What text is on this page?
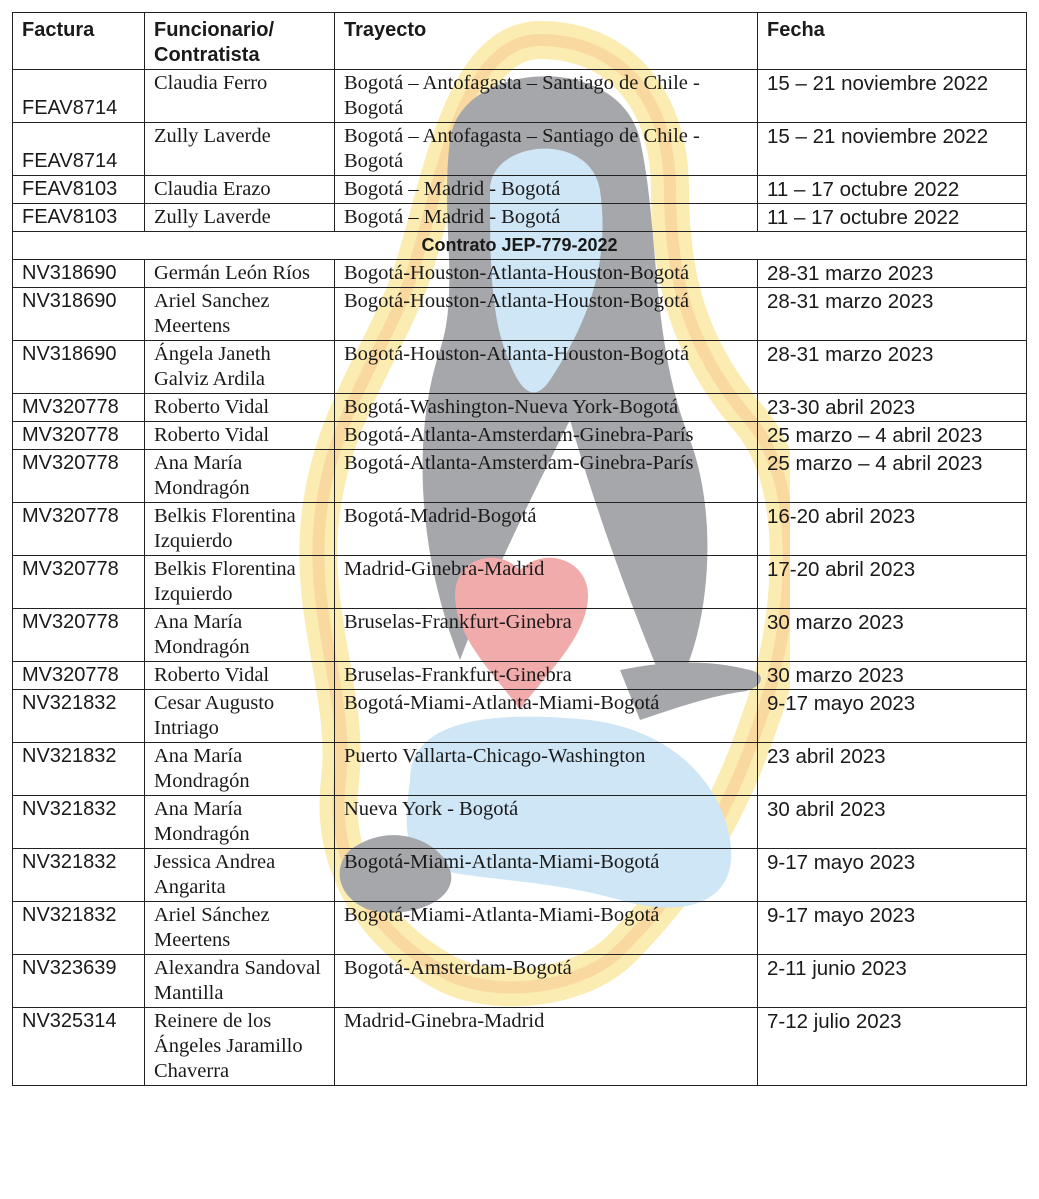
Factura	Funcionario/ Contratista	Trayecto	Fecha
FEAV8714	Claudia Ferro	Bogotá – Antofagasta – Santiago de Chile - Bogotá	15 – 21 noviembre 2022
FEAV8714	Zully Laverde	Bogotá – Antofagasta – Santiago de Chile - Bogotá	15 – 21 noviembre 2022
FEAV8103	Claudia Erazo	Bogotá – Madrid - Bogotá	11 – 17 octubre 2022
FEAV8103	Zully Laverde	Bogotá – Madrid - Bogotá	11 – 17 octubre 2022
Contrato JEP-779-2022			
NV318690	Germán León Ríos	Bogotá-Houston-Atlanta-Houston-Bogotá	28-31 marzo 2023
NV318690	Ariel Sanchez Meertens	Bogotá-Houston-Atlanta-Houston-Bogotá	28-31 marzo 2023
NV318690	Ángela Janeth Galviz Ardila	Bogotá-Houston-Atlanta-Houston-Bogotá	28-31 marzo 2023
MV320778	Roberto Vidal	Bogotá-Washington-Nueva York-Bogotá	23-30 abril 2023
MV320778	Roberto Vidal	Bogotá-Atlanta-Amsterdam-Ginebra-París	25 marzo – 4 abril 2023
MV320778	Ana María Mondragón	Bogotá-Atlanta-Amsterdam-Ginebra-París	25 marzo – 4 abril 2023
MV320778	Belkis Florentina Izquierdo	Bogotá-Madrid-Bogotá	16-20 abril 2023
MV320778	Belkis Florentina Izquierdo	Madrid-Ginebra-Madrid	17-20 abril 2023
MV320778	Ana María Mondragón	Bruselas-Frankfurt-Ginebra	30 marzo 2023
MV320778	Roberto Vidal	Bruselas-Frankfurt-Ginebra	30 marzo 2023
NV321832	Cesar Augusto Intriago	Bogotá-Miami-Atlanta-Miami-Bogotá	9-17 mayo 2023
NV321832	Ana María Mondragón	Puerto Vallarta-Chicago-Washington	23 abril 2023
NV321832	Ana María Mondragón	Nueva York - Bogotá	30 abril 2023
NV321832	Jessica Andrea Angarita	Bogotá-Miami-Atlanta-Miami-Bogotá	9-17 mayo 2023
NV321832	Ariel Sánchez Meertens	Bogotá-Miami-Atlanta-Miami-Bogotá	9-17 mayo 2023
NV323639	Alexandra Sandoval Mantilla	Bogotá-Amsterdam-Bogotá	2-11 junio 2023
NV325314	Reinere de los Ángeles Jaramillo Chaverra	Madrid-Ginebra-Madrid	7-12 julio 2023
